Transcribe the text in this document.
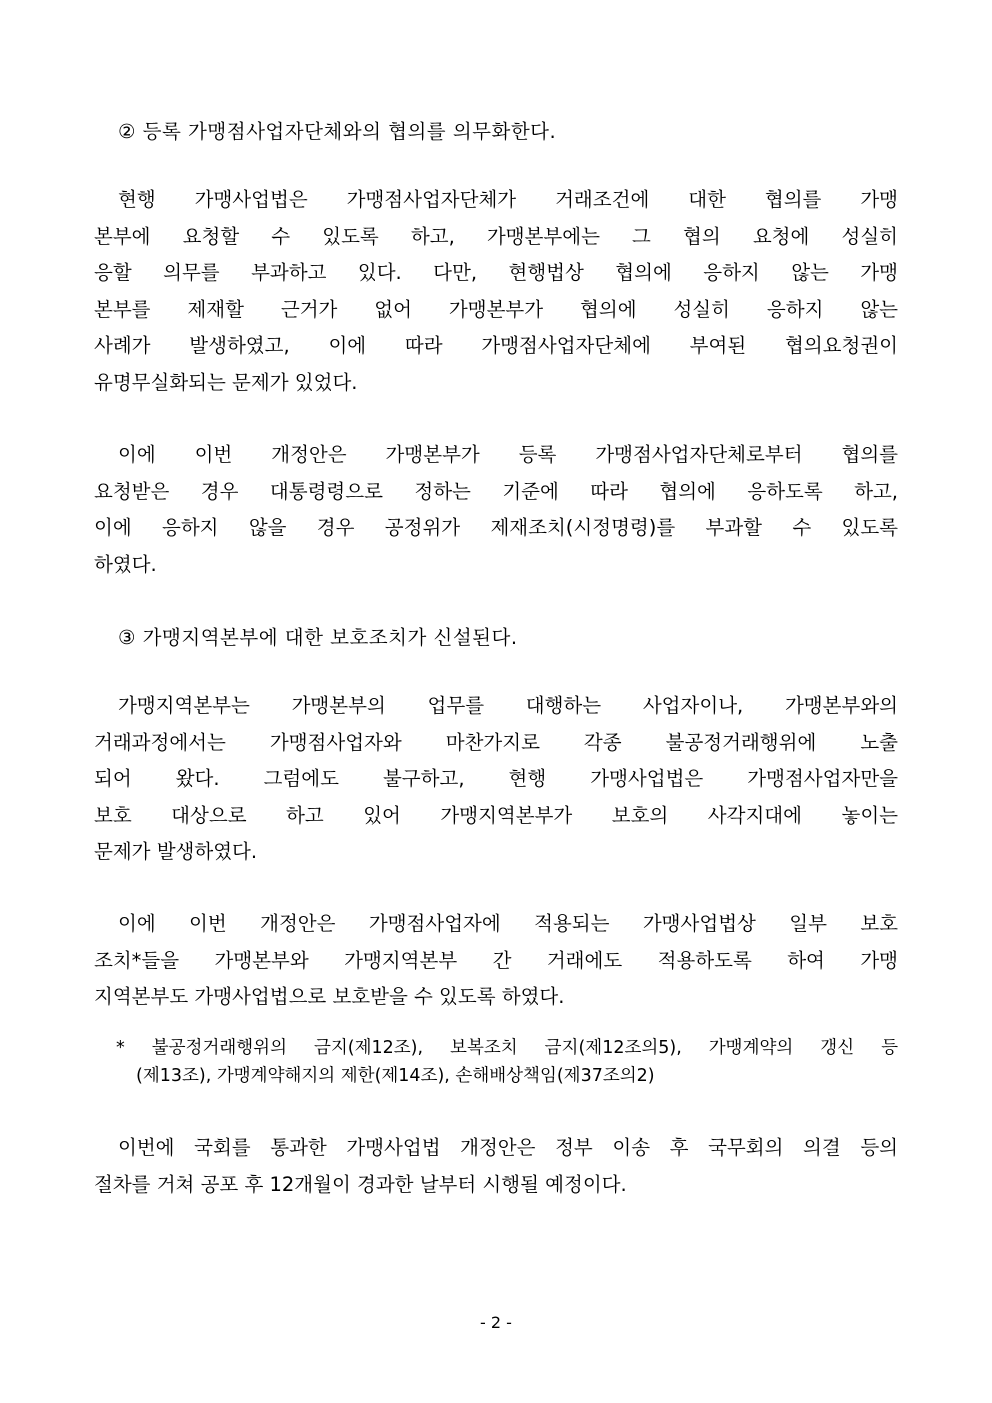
② 등록 가맹점사업자단체와의 협의를 의무화한다.
현행 가맹사업법은 가맹점사업자단체가 거래조건에 대한 협의를 가맹
본부에 요청할 수 있도록 하고, 가맹본부에는 그 협의 요청에 성실히
응할 의무를 부과하고 있다. 다만, 현행법상 협의에 응하지 않는 가맹
본부를 제재할 근거가 없어 가맹본부가 협의에 성실히 응하지 않는
사례가 발생하였고, 이에 따라 가맹점사업자단체에 부여된 협의요청권이
유명무실화되는 문제가 있었다.
이에 이번 개정안은 가맹본부가 등록 가맹점사업자단체로부터 협의를
요청받은 경우 대통령령으로 정하는 기준에 따라 협의에 응하도록 하고,
이에 응하지 않을 경우 공정위가 제재조치(시정명령)를 부과할 수 있도록
하였다.
③ 가맹지역본부에 대한 보호조치가 신설된다.
가맹지역본부는 가맹본부의 업무를 대행하는 사업자이나, 가맹본부와의
거래과정에서는 가맹점사업자와 마찬가지로 각종 불공정거래행위에 노출
되어 왔다. 그럼에도 불구하고, 현행 가맹사업법은 가맹점사업자만을
보호 대상으로 하고 있어 가맹지역본부가 보호의 사각지대에 놓이는
문제가 발생하였다.
이에 이번 개정안은 가맹점사업자에 적용되는 가맹사업법상 일부 보호
조치*들을 가맹본부와 가맹지역본부 간 거래에도 적용하도록 하여 가맹
지역본부도 가맹사업법으로 보호받을 수 있도록 하였다.
* 불공정거래행위의 금지(제12조), 보복조치 금지(제12조의5), 가맹계약의 갱신 등
(제13조), 가맹계약해지의 제한(제14조), 손해배상책임(제37조의2)
이번에 국회를 통과한 가맹사업법 개정안은 정부 이송 후 국무회의 의결 등의
절차를 거쳐 공포 후 12개월이 경과한 날부터 시행될 예정이다.
- 2 -
